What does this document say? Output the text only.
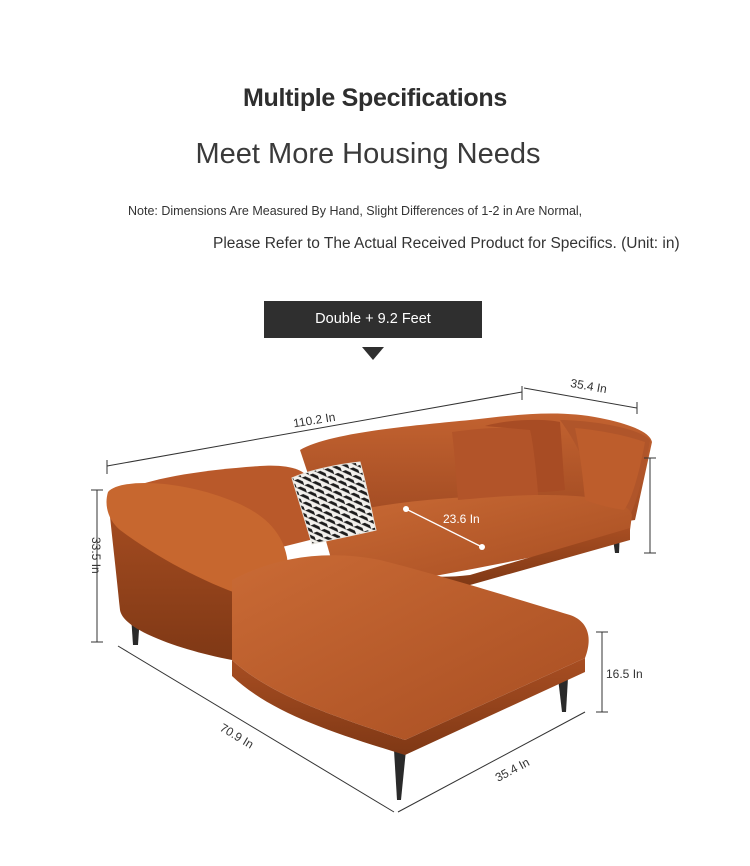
Multiple Specifications
Meet More Housing Needs
Note: Dimensions Are Measured By Hand, Slight Differences of 1-2 in Are Normal,
Please Refer to The Actual Received Product for Specifics. (Unit: in)
Double + 9.2 Feet
110.2 In
35.4 In
33.5 In
23.6 In
16.5 In
70.9 In
35.4 In
